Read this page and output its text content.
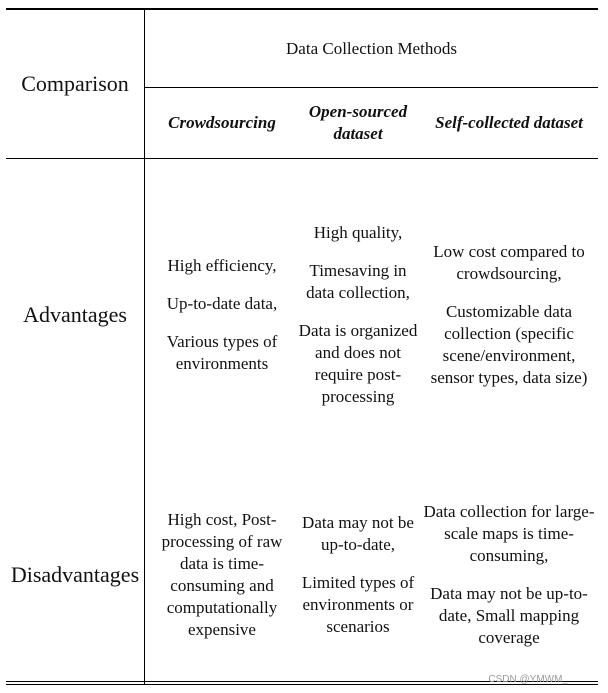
Comparison
Data Collection Methods
Crowdsourcing
Open-sourced dataset
Self-collected dataset
Advantages
High efficiency,
Up-to-date data,
Various types of environments
High quality,
Timesaving in data collection,
Data is organized and does not require post-processing
Low cost compared to crowdsourcing,
Customizable data collection (specific scene/environment, sensor types, data size)
Disadvantages
High cost, Post-processing of raw data is time-consuming and computationally expensive
Data may not be up-to-date,
Limited types of environments or scenarios
Data collection for large-scale maps is time-consuming,
Data may not be up-to-date, Small mapping coverage
CSDN @YMWM_
